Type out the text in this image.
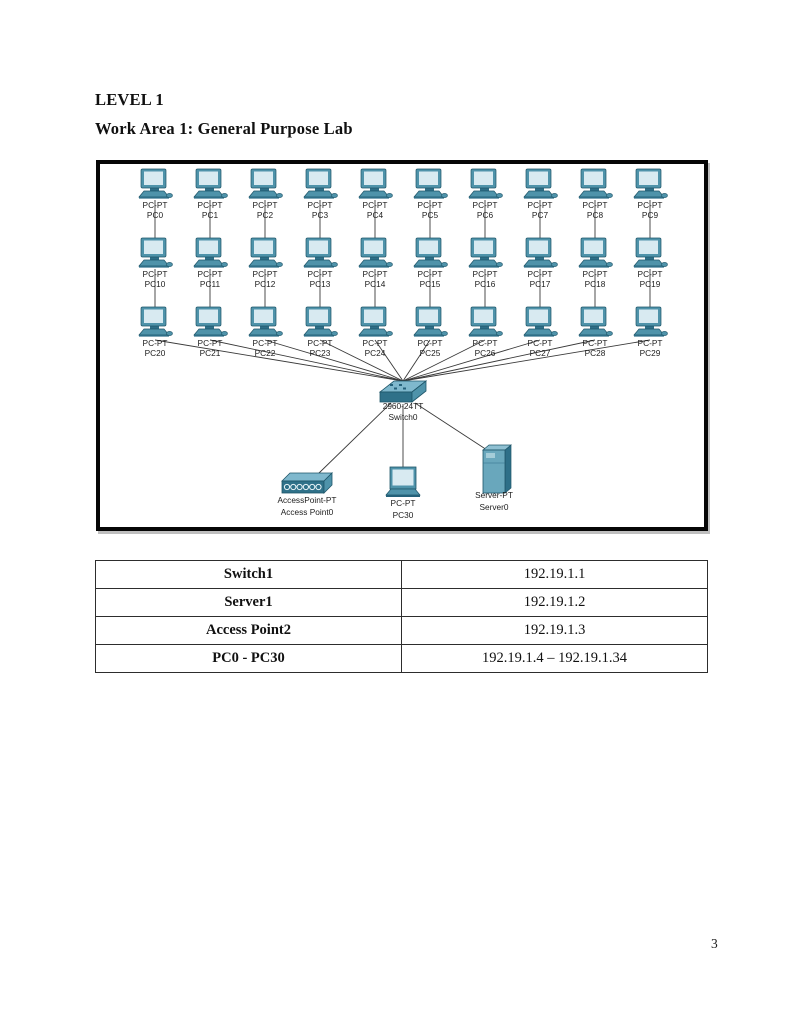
LEVEL 1
Work Area 1: General Purpose Lab
2960-24TT
Switch0
AccessPoint-PT
Access Point0
PC-PT
PC30
Server-PT
Server0
PC-PT
PC0
PC-PT
PC1
PC-PT
PC2
PC-PT
PC3
PC-PT
PC4
PC-PT
PC5
PC-PT
PC6
PC-PT
PC7
PC-PT
PC8
PC-PT
PC9
PC-PT
PC10
PC-PT
PC11
PC-PT
PC12
PC-PT
PC13
PC-PT
PC14
PC-PT
PC15
PC-PT
PC16
PC-PT
PC17
PC-PT
PC18
PC-PT
PC19
PC-PT
PC20
PC-PT
PC21
PC-PT
PC22
PC-PT
PC23
PC-PT
PC24
PC-PT
PC25
PC-PT
PC26
PC-PT
PC27
PC-PT
PC28
PC-PT
PC29
Switch1	192.19.1.1
Server1	192.19.1.2
Access Point2	192.19.1.3
PC0 - PC30	192.19.1.4 – 192.19.1.34
3
